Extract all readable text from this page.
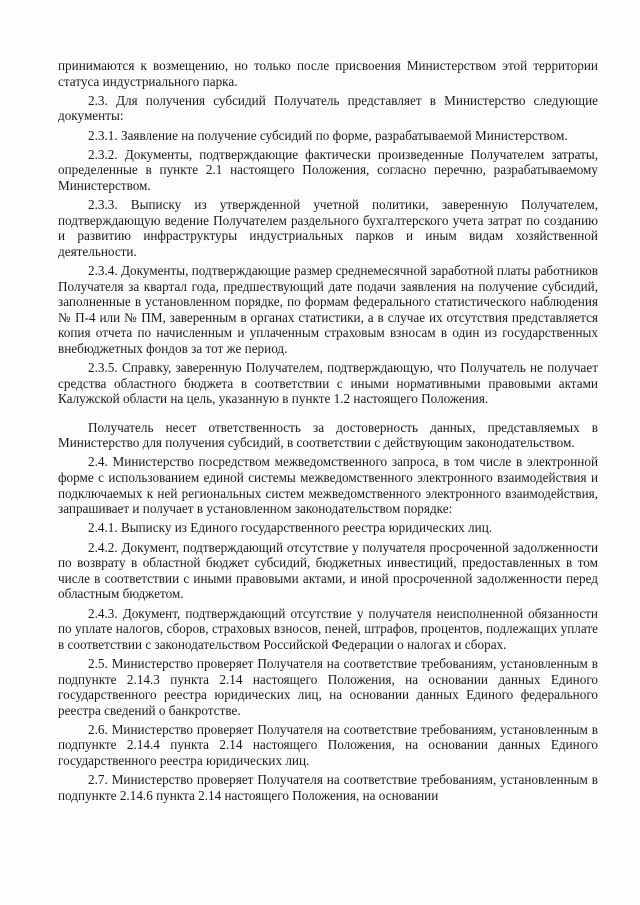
принимаются к возмещению, но только после присвоения Министерством этой территории статуса индустриального парка.

2.3. Для получения субсидий Получатель представляет в Министерство следующие документы:

2.3.1. Заявление на получение субсидий по форме, разрабатываемой Министерством.

2.3.2. Документы, подтверждающие фактически произведенные Получателем затраты, определенные в пункте 2.1 настоящего Положения, согласно перечню, разрабатываемому Министерством.

2.3.3. Выписку из утвержденной учетной политики, заверенную Получателем, подтверждающую ведение Получателем раздельного бухгалтерского учета затрат по созданию и развитию инфраструктуры индустриальных парков и иным видам хозяйственной деятельности.

2.3.4. Документы, подтверждающие размер среднемесячной заработной платы работников Получателя за квартал года, предшествующий дате подачи заявления на получение субсидий, заполненные в установленном порядке, по формам федерального статистического наблюдения № П-4 или № ПМ, заверенным в органах статистики, а в случае их отсутствия представляется копия отчета по начисленным и уплаченным страховым взносам в один из государственных внебюджетных фондов за тот же период.

2.3.5. Справку, заверенную Получателем, подтверждающую, что Получатель не получает средства областного бюджета в соответствии с иными нормативными правовыми актами Калужской области на цель, указанную в пункте 1.2 настоящего Положения.

Получатель несет ответственность за достоверность данных, представляемых в Министерство для получения субсидий, в соответствии с действующим законодательством.

2.4. Министерство посредством межведомственного запроса, в том числе в электронной форме с использованием единой системы межведомственного электронного взаимодействия и подключаемых к ней региональных систем межведомственного электронного взаимодействия, запрашивает и получает в установленном законодательством порядке:

2.4.1. Выписку из Единого государственного реестра юридических лиц.

2.4.2. Документ, подтверждающий отсутствие у получателя просроченной задолженности по возврату в областной бюджет субсидий, бюджетных инвестиций, предоставленных в том числе в соответствии с иными правовыми актами, и иной просроченной задолженности перед областным бюджетом.

2.4.3. Документ, подтверждающий отсутствие у получателя неисполненной обязанности по уплате налогов, сборов, страховых взносов, пеней, штрафов, процентов, подлежащих уплате в соответствии с законодательством Российской Федерации о налогах и сборах.

2.5. Министерство проверяет Получателя на соответствие требованиям, установленным в подпункте 2.14.3 пункта 2.14 настоящего Положения, на основании данных Единого государственного реестра юридических лиц, на основании данных Единого федерального реестра сведений о банкротстве.

2.6. Министерство проверяет Получателя на соответствие требованиям, установленным в подпункте 2.14.4 пункта 2.14 настоящего Положения, на основании данных Единого государственного реестра юридических лиц.

2.7. Министерство проверяет Получателя на соответствие требованиям, установленным в подпункте 2.14.6 пункта 2.14 настоящего Положения, на основании
